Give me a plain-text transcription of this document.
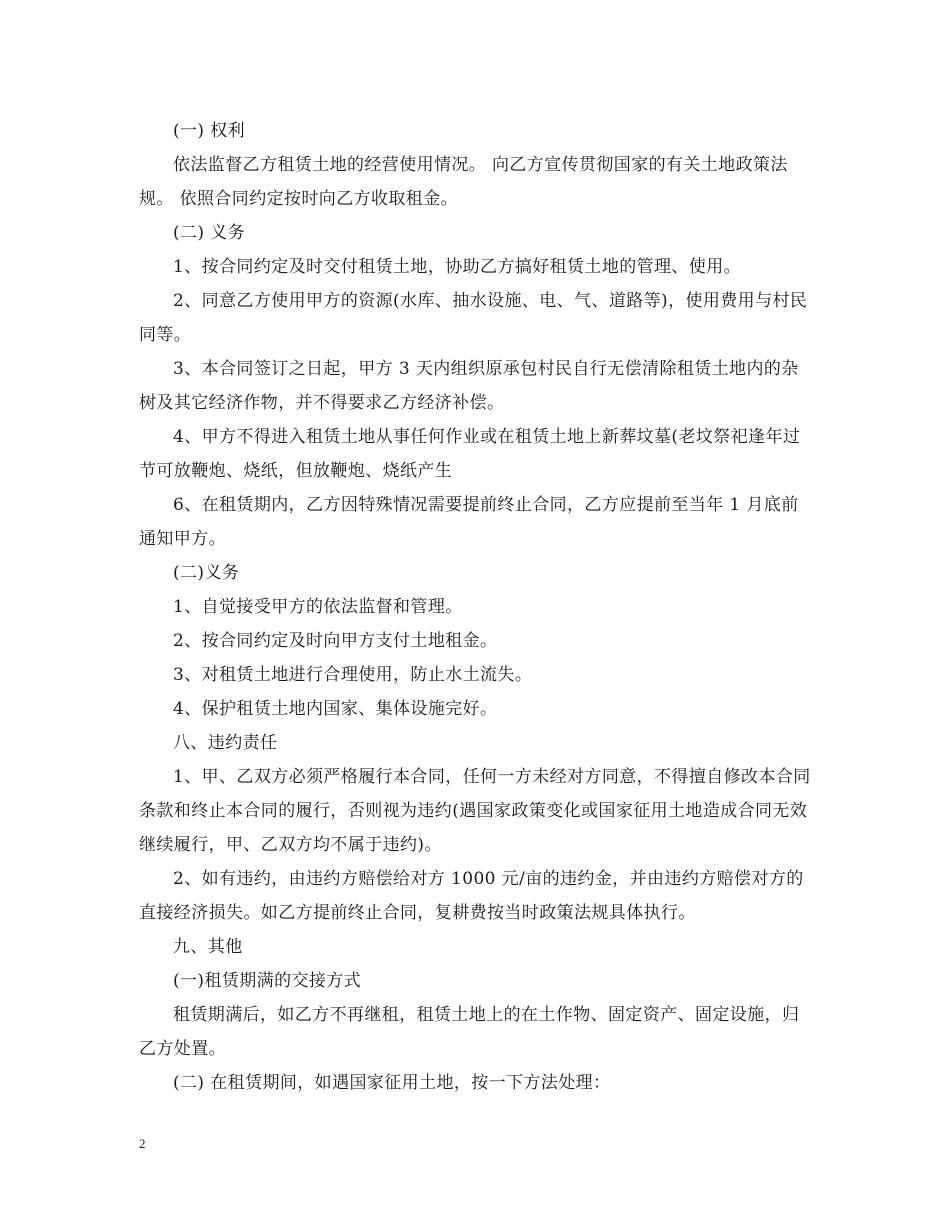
(一) 权利

依法监督乙方租赁土地的经营使用情况。 向乙方宣传贯彻国家的有关土地政策法规。 依照合同约定按时向乙方收取租金。

(二) 义务

1、按合同约定及时交付租赁土地，协助乙方搞好租赁土地的管理、使用。

2、同意乙方使用甲方的资源(水库、抽水设施、电、气、道路等)，使用费用与村民同等。

3、本合同签订之日起，甲方 3 天内组织原承包村民自行无偿清除租赁土地内的杂树及其它经济作物，并不得要求乙方经济补偿。

4、甲方不得进入租赁土地从事任何作业或在租赁土地上新葬坟墓(老坟祭祀逢年过节可放鞭炮、烧纸，但放鞭炮、烧纸产生

6、在租赁期内，乙方因特殊情况需要提前终止合同，乙方应提前至当年 1 月底前通知甲方。

(二)义务

1、自觉接受甲方的依法监督和管理。

2、按合同约定及时向甲方支付土地租金。

3、对租赁土地进行合理使用，防止水土流失。

4、保护租赁土地内国家、集体设施完好。

八、违约责任

1、甲、乙双方必须严格履行本合同，任何一方未经对方同意，不得擅自修改本合同条款和终止本合同的履行，否则视为违约(遇国家政策变化或国家征用土地造成合同无效继续履行，甲、乙双方均不属于违约)。

2、如有违约，由违约方赔偿给对方 1000 元/亩的违约金，并由违约方赔偿对方的直接经济损失。如乙方提前终止合同，复耕费按当时政策法规具体执行。

九、其他

(一)租赁期满的交接方式

租赁期满后，如乙方不再继租，租赁土地上的在土作物、固定资产、固定设施，归乙方处置。

(二) 在租赁期间，如遇国家征用土地，按一下方法处理：

2
